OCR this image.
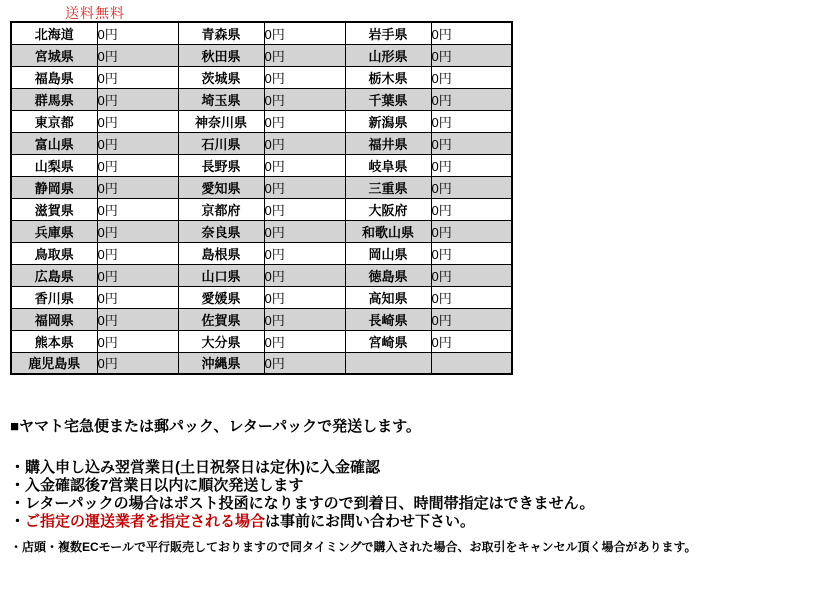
送料無料
北海道	0円	青森県	0円	岩手県	0円
宮城県	0円	秋田県	0円	山形県	0円
福島県	0円	茨城県	0円	栃木県	0円
群馬県	0円	埼玉県	0円	千葉県	0円
東京都	0円	神奈川県	0円	新潟県	0円
富山県	0円	石川県	0円	福井県	0円
山梨県	0円	長野県	0円	岐阜県	0円
静岡県	0円	愛知県	0円	三重県	0円
滋賀県	0円	京都府	0円	大阪府	0円
兵庫県	0円	奈良県	0円	和歌山県	0円
鳥取県	0円	島根県	0円	岡山県	0円
広島県	0円	山口県	0円	徳島県	0円
香川県	0円	愛媛県	0円	高知県	0円
福岡県	0円	佐賀県	0円	長崎県	0円
熊本県	0円	大分県	0円	宮崎県	0円
鹿児島県	0円	沖縄県	0円		

■ヤマト宅急便または郵パック、レターパックで発送します。

・購入申し込み翌営業日(土日祝祭日は定休)に入金確認

・入金確認後7営業日以内に順次発送します

・レターパックの場合はポスト投函になりますので到着日、時間帯指定はできません。

・ご指定の運送業者を指定される場合は事前にお問い合わせ下さい。

・店頭・複数ECモールで平行販売しておりますので同タイミングで購入された場合、お取引をキャンセル頂く場合があります。
